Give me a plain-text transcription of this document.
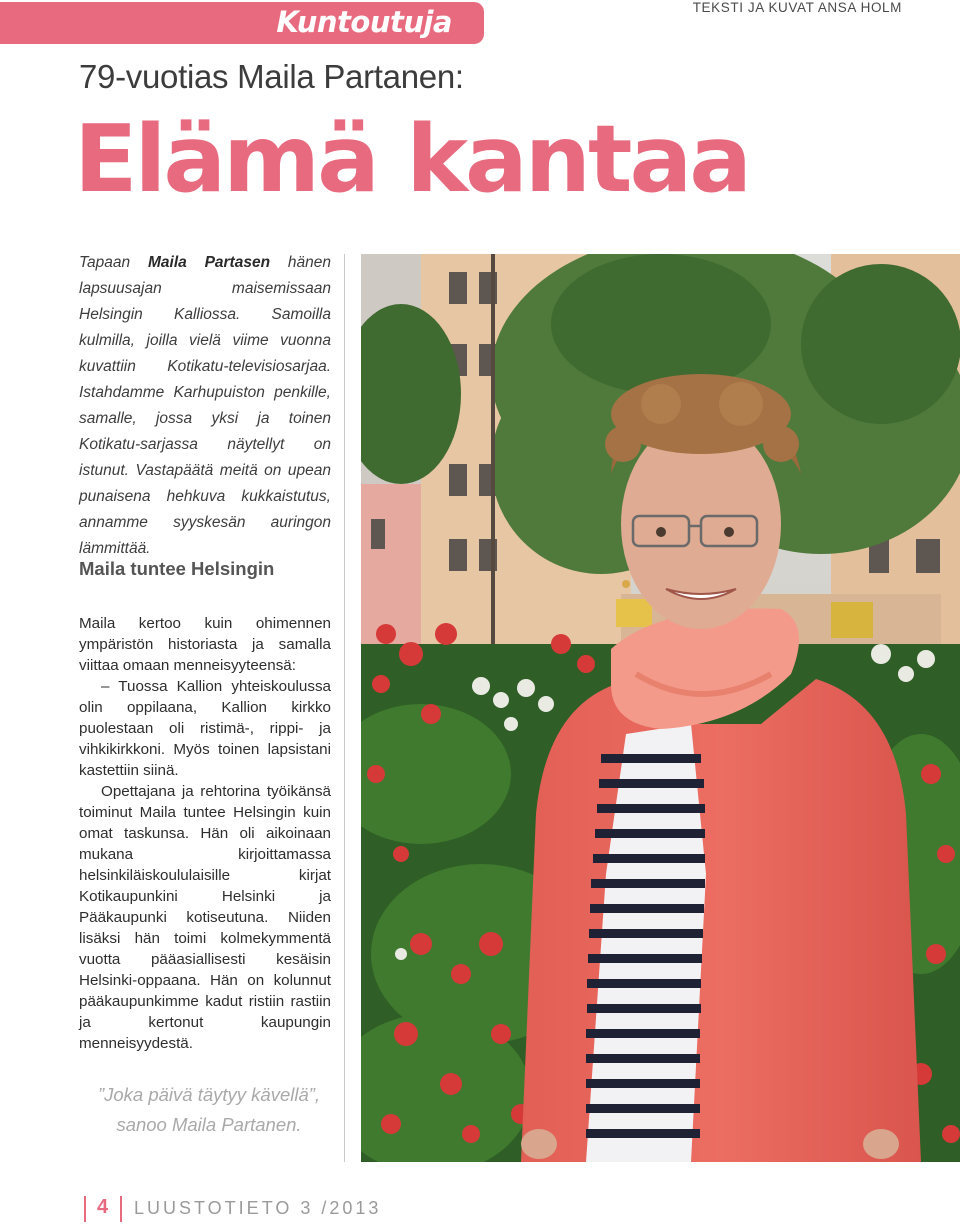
Kuntoutuja	TEKSTI JA KUVAT ANSA HOLM
79-vuotias Maila Partanen:
Elämä kantaa

Tapaan Maila Partasen hänen lapsuusajan maisemissaan Helsingin Kalliossa. Samoilla kulmilla, joilla vielä viime vuonna kuvattiin Kotikatu-televisiosarjaa. Istahdamme Karhupuiston penkille, samalle, jossa yksi ja toinen Kotikatu-sarjassa näytellyt on istunut. Vastapäätä meitä on upean punaisena hehkuva kukkaistutus, annamme syyskesän auringon lämmittää.

Maila tuntee Helsingin

Maila kertoo kuin ohimennen ympäristön historiasta ja samalla viittaa omaan menneisyyteensä:

– Tuossa Kallion yhteiskoulussa olin oppilaana, Kallion kirkko puolestaan oli ristimä-, rippi- ja vihkikirkkoni. Myös toinen lapsistani kastettiin siinä.

Opettajana ja rehtorina työikänsä toiminut Maila tuntee Helsingin kuin omat taskunsa. Hän oli aikoinaan mukana kirjoittamassa helsinkiläiskoululaisille kirjat Kotikaupunkini Helsinki ja Pääkaupunki kotiseutuna. Niiden lisäksi hän toimi kolmekymmentä vuotta pääasiallisesti kesäisin Helsinki-oppaana. Hän on kolunnut pääkaupunkimme kadut ristiin rastiin ja kertonut kaupungin menneisyydestä.

”Joka päivä täytyy kävellä”,
sanoo Maila Partanen.
4 LUUSTOTIETO 3 /2013
